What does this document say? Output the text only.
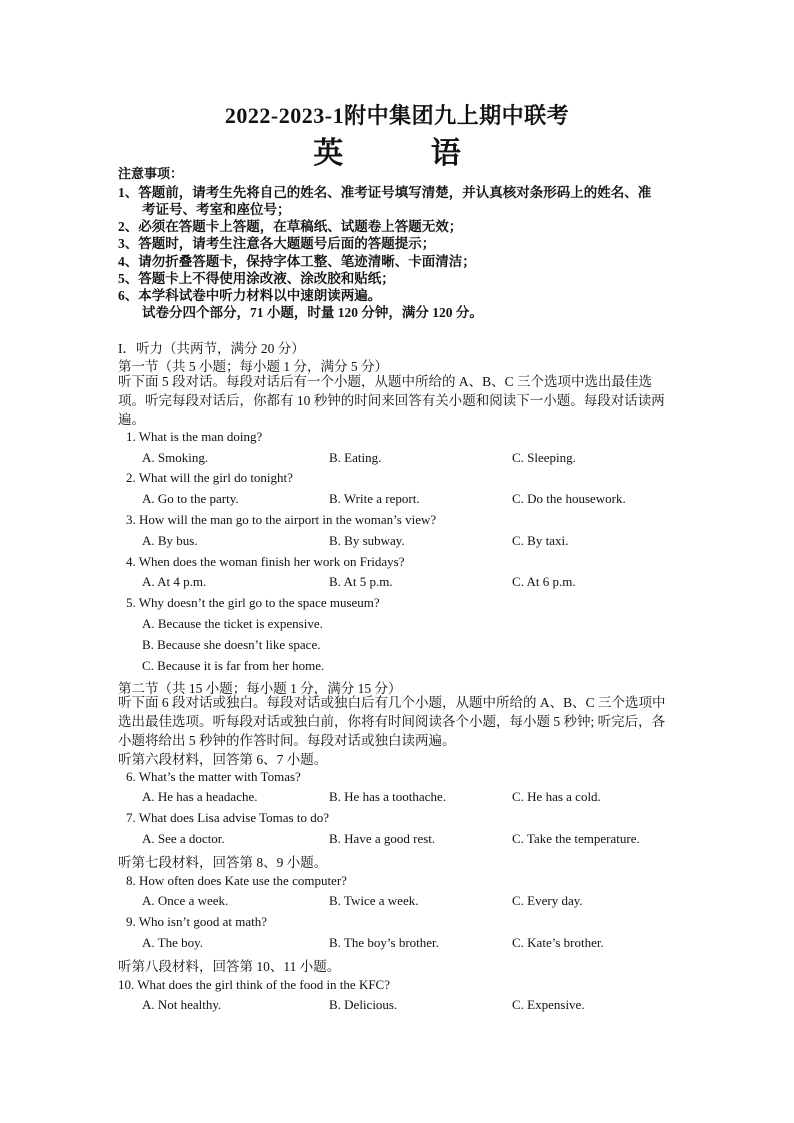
2022-2023-1附中集团九上期中联考
英 语
注意事项：
1、答题前，请考生先将自己的姓名、准考证号填写清楚，并认真核对条形码上的姓名、准
考证号、考室和座位号；
2、必须在答题卡上答题，在草稿纸、试题卷上答题无效；
3、答题时，请考生注意各大题题号后面的答题提示；
4、请勿折叠答题卡，保持字体工整、笔迹清晰、卡面清洁；
5、答题卡上不得使用涂改液、涂改胶和贴纸；
6、本学科试卷中听力材料以中速朗读两遍。
试卷分四个部分，71 小题，时量 120 分钟，满分 120 分。
I．听力（共两节，满分 20 分）
第一节（共 5 小题；每小题 1 分，满分 5 分）
听下面 5 段对话。每段对话后有一个小题，从题中所给的 A、B、C 三个选项中选出最佳选项。听完每段对话后，你都有 10 秒钟的时间来回答有关小题和阅读下一小题。每段对话读两遍。
1. What is the man doing?
A. Smoking.	B. Eating.	C. Sleeping.
2. What will the girl do tonight?
A. Go to the party.	B. Write a report.	C. Do the housework.
3. How will the man go to the airport in the woman’s view?
A. By bus.	B. By subway.	C. By taxi.
4. When does the woman finish her work on Fridays?
A. At 4 p.m.	B. At 5 p.m.	C. At 6 p.m.
5. Why doesn’t the girl go to the space museum?
A. Because the ticket is expensive.
B. Because she doesn’t like space.
C. Because it is far from her home.
第二节（共 15 小题；每小题 1 分，满分 15 分）
听下面 6 段对话或独白。每段对话或独白后有几个小题，从题中所给的 A、B、C 三个选项中选出最佳选项。听每段对话或独白前，你将有时间阅读各个小题，每小题 5 秒钟; 听完后，各小题将给出 5 秒钟的作答时间。每段对话或独白读两遍。
听第六段材料，回答第 6、7 小题。
6. What’s the matter with Tomas?
A. He has a headache.	B. He has a toothache.	C. He has a cold.
7. What does Lisa advise Tomas to do?
A. See a doctor.	B. Have a good rest.	C. Take the temperature.
听第七段材料，回答第 8、9 小题。
8. How often does Kate use the computer?
A. Once a week.	B. Twice a week.	C. Every day.
9. Who isn’t good at math?
A. The boy.	B. The boy’s brother.	C. Kate’s brother.
听第八段材料，回答第 10、11 小题。
10. What does the girl think of the food in the KFC?
A. Not healthy.	B. Delicious.	C. Expensive.
